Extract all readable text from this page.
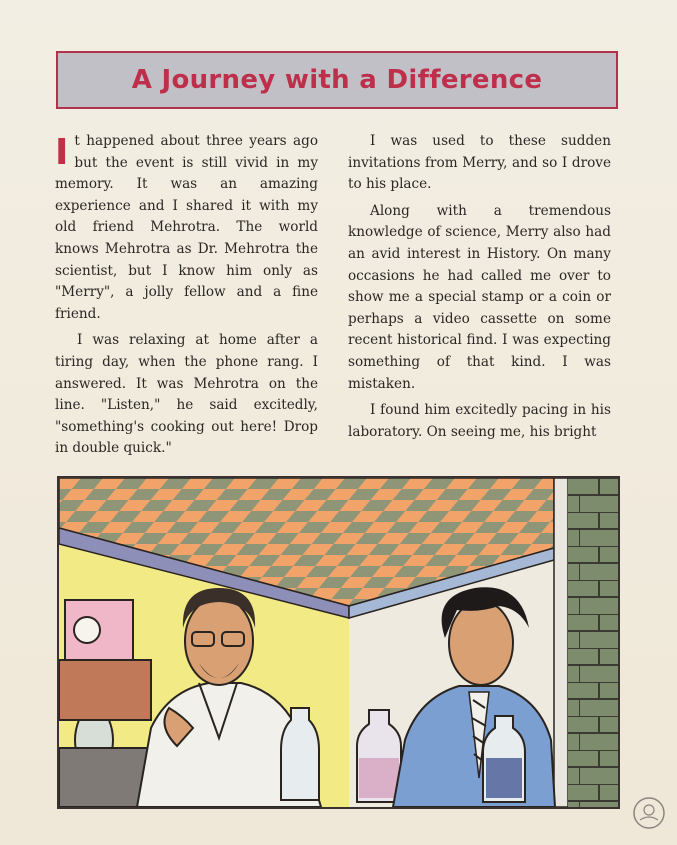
A Journey with a Difference

It happened about three years ago but the event is still vivid in my memory. It was an amazing experience and I shared it with my old friend Mehrotra. The world knows Mehrotra as Dr. Mehrotra the scientist, but I know him only as "Merry", a jolly fellow and a fine friend.

I was relaxing at home after a tiring day, when the phone rang. I answered. It was Mehrotra on the line. "Listen," he said excitedly, "something's cooking out here! Drop in double quick."

I was used to these sudden invitations from Merry, and so I drove to his place.

Along with a tremendous knowledge of science, Merry also had an avid interest in History. On many occasions he had called me over to show me a special stamp or a coin or perhaps a video cassette on some recent historical find. I was expecting something of that kind. I was mistaken.

I found him excitedly pacing in his laboratory. On seeing me, his bright
